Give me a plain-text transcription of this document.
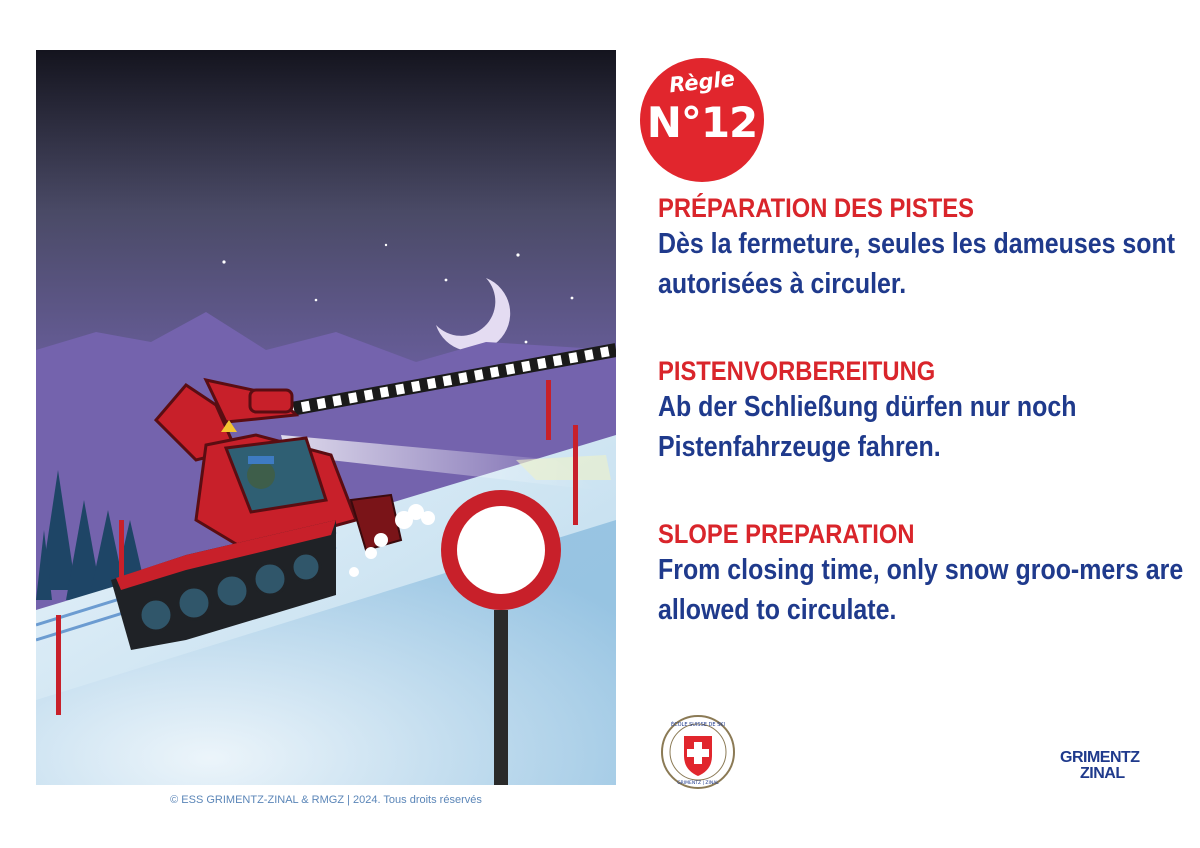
© ESS GRIMENTZ-ZINAL & RMGZ | 2024. Tous droits réservés
Règle
N°12
PRÉPARATION DES PISTES
Dès la fermeture, seules les dameuses sont autorisées à circuler.
PISTENVORBEREITUNG
Ab der Schließung dürfen nur noch Pistenfahrzeuge fahren.
SLOPE PREPARATION
From closing time, only snow groo-mers are allowed to circulate.
ÉCOLE SUISSE DE SKI
GRIMENTZ | ZINAL
GRIMENTZ
ZINAL
